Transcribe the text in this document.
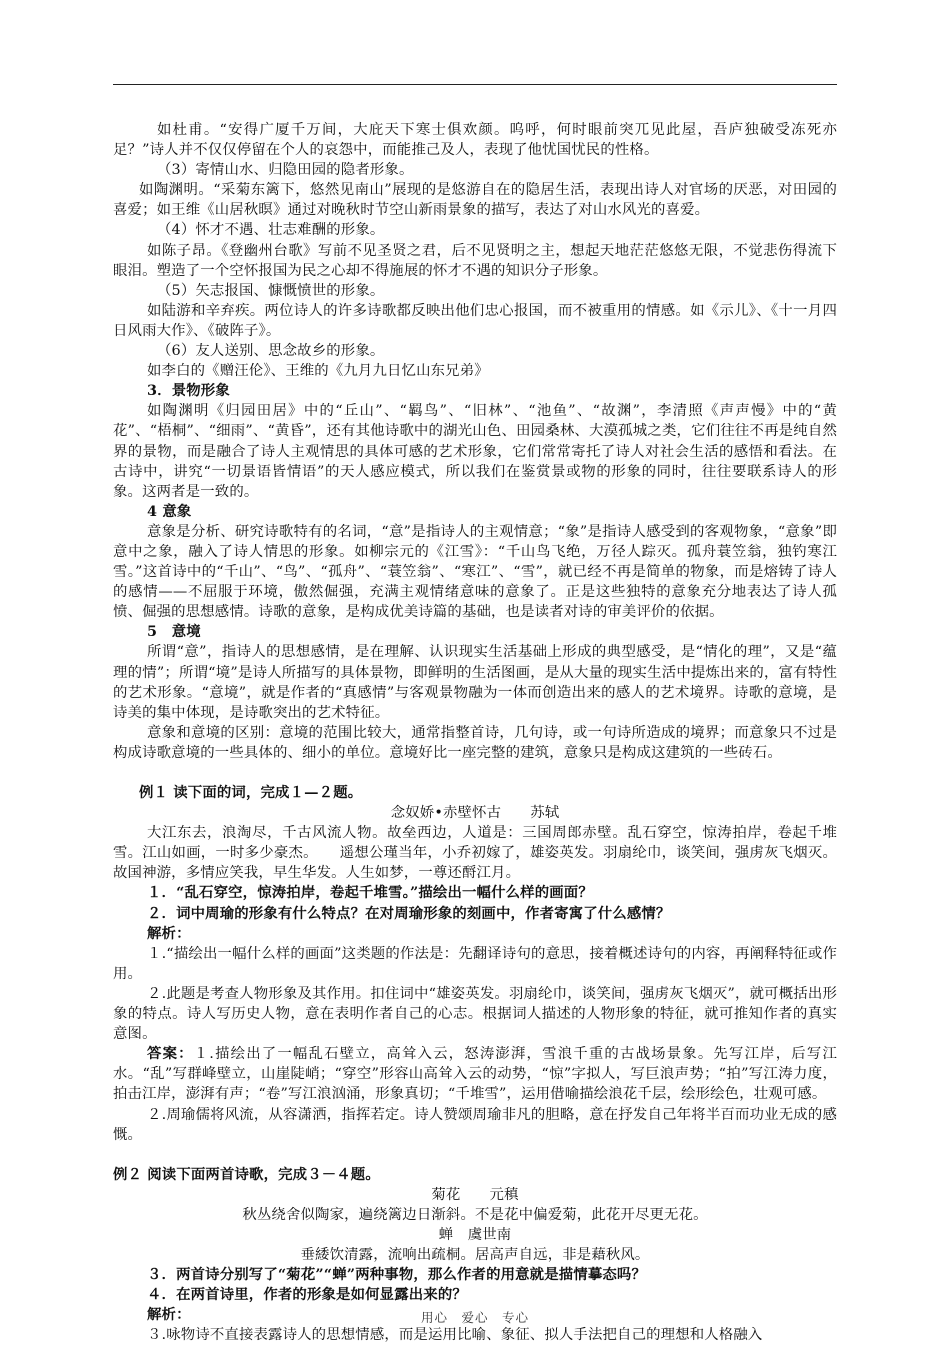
如杜甫。“安得广厦千万间，大庇天下寒士俱欢颜。呜呼，何时眼前突兀见此屋，吾庐独破受冻死亦足？”诗人并不仅仅停留在个人的哀怨中，而能推己及人，表现了他忧国忧民的性格。

（3）寄情山水、归隐田园的隐者形象。

如陶渊明。“采菊东篱下，悠然见南山”展现的是悠游自在的隐居生活，表现出诗人对官场的厌恶，对田园的喜爱；如王维《山居秋暝》通过对晚秋时节空山新雨景象的描写，表达了对山水风光的喜爱。

（4）怀才不遇、壮志难酬的形象。

如陈子昂。《登幽州台歌》写前不见圣贤之君，后不见贤明之主，想起天地茫茫悠悠无限，不觉悲伤得流下眼泪。塑造了一个空怀报国为民之心却不得施展的怀才不遇的知识分子形象。

（5）矢志报国、慷慨愤世的形象。

如陆游和辛弃疾。两位诗人的许多诗歌都反映出他们忠心报国，而不被重用的情感。如《示儿》、《十一月四日风雨大作》、《破阵子》。

（6）友人送别、思念故乡的形象。

如李白的《赠汪伦》、王维的《九月九日忆山东兄弟》

3．景物形象

如陶渊明《归园田居》中的“丘山”、“羁鸟”、“旧林”、“池鱼”、“故渊”，李清照《声声慢》中的“黄花”、“梧桐”、“细雨”、“黄昏”，还有其他诗歌中的湖光山色、田园桑林、大漠孤城之类，它们往往不再是纯自然界的景物，而是融合了诗人主观情思的具体可感的艺术形象，它们常常寄托了诗人对社会生活的感悟和看法。在古诗中，讲究“一切景语皆情语”的天人感应模式，所以我们在鉴赏景或物的形象的同时，往往要联系诗人的形象。这两者是一致的。

4 意象

意象是分析、研究诗歌特有的名词，“意”是指诗人的主观情意；“象”是指诗人感受到的客观物象，“意象”即意中之象，融入了诗人情思的形象。如柳宗元的《江雪》：“千山鸟飞绝，万径人踪灭。孤舟蓑笠翁，独钓寒江雪。”这首诗中的“千山”、“鸟”、“孤舟”、“蓑笠翁”、“寒江”、“雪”，就已经不再是简单的物象，而是熔铸了诗人的感情——不屈服于环境，傲然倔强，充满主观情绪意味的意象了。正是这些独特的意象充分地表达了诗人孤愤、倔强的思想感情。诗歌的意象，是构成优美诗篇的基础，也是读者对诗的审美评价的依据。

5　意境

所谓“意”，指诗人的思想感情，是在理解、认识现实生活基础上形成的典型感受，是“情化的理”，又是“蕴理的情”；所谓“境”是诗人所描写的具体景物，即鲜明的生活图画，是从大量的现实生活中提炼出来的，富有特性的艺术形象。“意境”，就是作者的“真感情”与客观景物融为一体而创造出来的感人的艺术境界。诗歌的意境，是诗美的集中体现，是诗歌突出的艺术特征。

意象和意境的区别：意境的范围比较大，通常指整首诗，几句诗，或一句诗所造成的境界；而意象只不过是构成诗歌意境的一些具体的、细小的单位。意境好比一座完整的建筑，意象只是构成这建筑的一些砖石。

例１ 读下面的词，完成１—２题。

念奴娇•赤壁怀古　　苏轼

大江东去，浪淘尽，千古风流人物。故垒西边，人道是：三国周郎赤壁。乱石穿空，惊涛拍岸，卷起千堆雪。江山如画，一时多少豪杰。　　遥想公瑾当年，小乔初嫁了，雄姿英发。羽扇纶巾，谈笑间，强虏灰飞烟灭。故国神游，多情应笑我，早生华发。人生如梦，一尊还酹江月。

１．“乱石穿空，惊涛拍岸，卷起千堆雪。”描绘出一幅什么样的画面？

２．词中周瑜的形象有什么特点？在对周瑜形象的刻画中，作者寄寓了什么感情？

解析：

１.“描绘出一幅什么样的画面”这类题的作法是：先翻译诗句的意思，接着概述诗句的内容，再阐释特征或作用。

２.此题是考查人物形象及其作用。扣住词中“雄姿英发。羽扇纶巾，谈笑间，强虏灰飞烟灭”，就可概括出形象的特点。诗人写历史人物，意在表明作者自己的心志。根据词人描述的人物形象的特征，就可推知作者的真实意图。

答案：１.描绘出了一幅乱石壁立，高耸入云，怒涛澎湃，雪浪千重的古战场景象。先写江岸，后写江水。“乱”写群峰壁立，山崖陡峭；“穿空”形容山高耸入云的动势，“惊”字拟人，写巨浪声势；“拍”写江涛力度，拍击江岸，澎湃有声；“卷”写江浪汹涌，形象真切；“千堆雪”，运用借喻描绘浪花千层，绘形绘色，壮观可感。

２.周瑜儒将风流，从容潇洒，指挥若定。诗人赞颂周瑜非凡的胆略，意在抒发自己年将半百而功业无成的感慨。

例２ 阅读下面两首诗歌，完成３－４题。

菊花　　元稹

秋丛绕舍似陶家，遍绕篱边日渐斜。不是花中偏爱菊，此花开尽更无花。

蝉　虞世南

垂緌饮清露，流响出疏桐。居高声自远，非是藉秋风。

３．两首诗分别写了“菊花”“蝉”两种事物，那么作者的用意就是描情摹态吗？

４．在两首诗里，作者的形象是如何显露出来的？

解析：

３.咏物诗不直接表露诗人的思想情感，而是运用比喻、象征、拟人手法把自己的理想和人格融入

用心　爱心　专心
